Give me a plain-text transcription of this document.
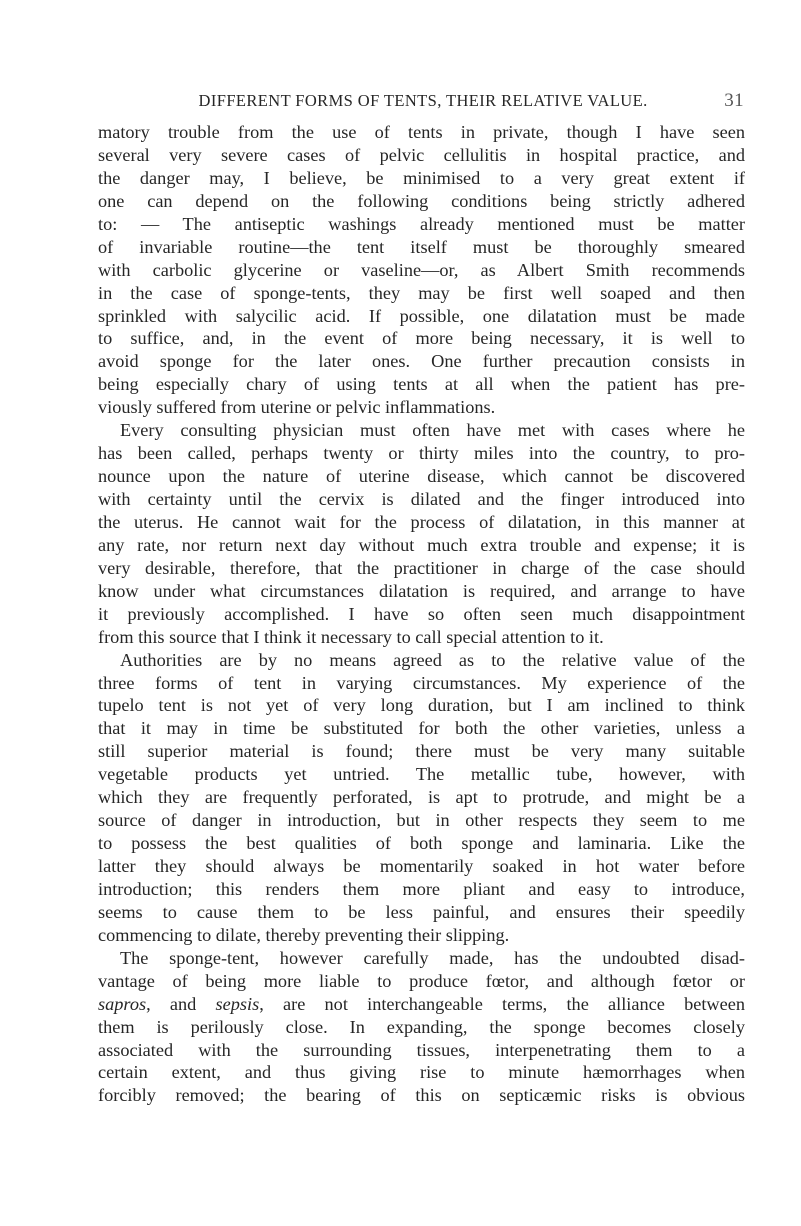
DIFFERENT FORMS OF TENTS, THEIR RELATIVE VALUE.	31
matory trouble from the use of tents in private, though I have seen
several very severe cases of pelvic cellulitis in hospital practice, and
the danger may, I believe, be minimised to a very great extent if
one can depend on the following conditions being strictly adhered
to: — The antiseptic washings already mentioned must be matter
of invariable routine—the tent itself must be thoroughly smeared
with carbolic glycerine or vaseline—or, as Albert Smith recommends
in the case of sponge-tents, they may be first well soaped and then
sprinkled with salycilic acid. If possible, one dilatation must be made
to suffice, and, in the event of more being necessary, it is well to
avoid sponge for the later ones. One further precaution consists in
being especially chary of using tents at all when the patient has pre-
viously suffered from uterine or pelvic inflammations.
Every consulting physician must often have met with cases where he
has been called, perhaps twenty or thirty miles into the country, to pro-
nounce upon the nature of uterine disease, which cannot be discovered
with certainty until the cervix is dilated and the finger introduced into
the uterus. He cannot wait for the process of dilatation, in this manner at
any rate, nor return next day without much extra trouble and expense; it is
very desirable, therefore, that the practitioner in charge of the case should
know under what circumstances dilatation is required, and arrange to have
it previously accomplished. I have so often seen much disappointment
from this source that I think it necessary to call special attention to it.
Authorities are by no means agreed as to the relative value of the
three forms of tent in varying circumstances. My experience of the
tupelo tent is not yet of very long duration, but I am inclined to think
that it may in time be substituted for both the other varieties, unless a
still superior material is found; there must be very many suitable
vegetable products yet untried. The metallic tube, however, with
which they are frequently perforated, is apt to protrude, and might be a
source of danger in introduction, but in other respects they seem to me
to possess the best qualities of both sponge and laminaria. Like the
latter they should always be momentarily soaked in hot water before
introduction; this renders them more pliant and easy to introduce,
seems to cause them to be less painful, and ensures their speedily
commencing to dilate, thereby preventing their slipping.
The sponge-tent, however carefully made, has the undoubted disad-
vantage of being more liable to produce fœtor, and although fœtor or
sapros, and sepsis, are not interchangeable terms, the alliance between
them is perilously close. In expanding, the sponge becomes closely
associated with the surrounding tissues, interpenetrating them to a
certain extent, and thus giving rise to minute hæmorrhages when
forcibly removed; the bearing of this on septicæmic risks is obvious
